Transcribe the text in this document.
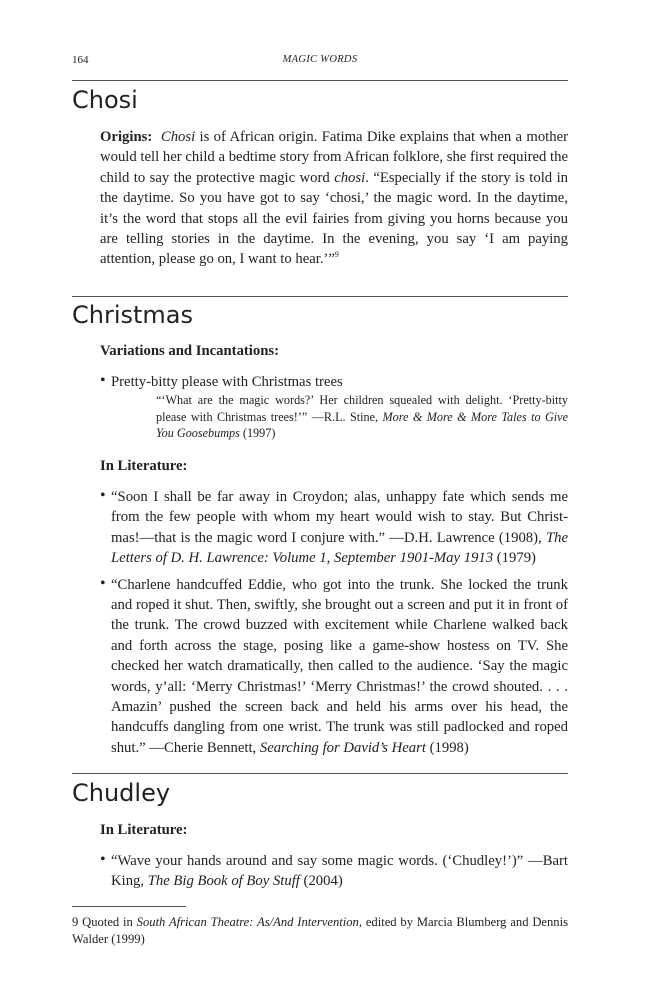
164	MAGIC WORDS
Chosi

Origins: Chosi is of African origin. Fatima Dike explains that when a mother would tell her child a bedtime story from African folklore, she first required the child to say the protective magic word chosi. “Especially if the story is told in the daytime. So you have got to say ‘chosi,’ the magic word. In the daytime, it’s the word that stops all the evil fairies from giving you horns because you are telling stories in the daytime. In the evening, you say ‘I am paying attention, please go on, I want to hear.’”$^9$

Christmas

Variations and Incantations:

• Pretty-bitty please with Christmas trees

“‘What are the magic words?’ Her children squealed with delight. ‘Pretty-bitty please with Christmas trees!’” —R.L. Stine, More & More & More Tales to Give You Goosebumps (1997)

In Literature:

• “Soon I shall be far away in Croydon; alas, unhappy fate which sends me from the few people with whom my heart would wish to stay. But Christ-mas!—that is the magic word I conjure with.” —D.H. Lawrence (1908), The Letters of D. H. Lawrence: Volume 1, September 1901-May 1913 (1979)

• “Charlene handcuffed Eddie, who got into the trunk. She locked the trunk and roped it shut. Then, swiftly, she brought out a screen and put it in front of the trunk. The crowd buzzed with excitement while Charlene walked back and forth across the stage, posing like a game-show hostess on TV. She checked her watch dramatically, then called to the audience. ‘Say the magic words, y’all: ‘Merry Christmas!’ ‘Merry Christmas!’ the crowd shouted. . . . Amazin’ pushed the screen back and held his arms over his head, the handcuffs dangling from one wrist. The trunk was still padlocked and roped shut.” —Cherie Bennett, Searching for David’s Heart (1998)

Chudley

In Literature:

• “Wave your hands around and say some magic words. (‘Chudley!’)” —Bart King, The Big Book of Boy Stuff (2004)

9 Quoted in South African Theatre: As/And Intervention, edited by Marcia Blumberg and Dennis Walder (1999)
